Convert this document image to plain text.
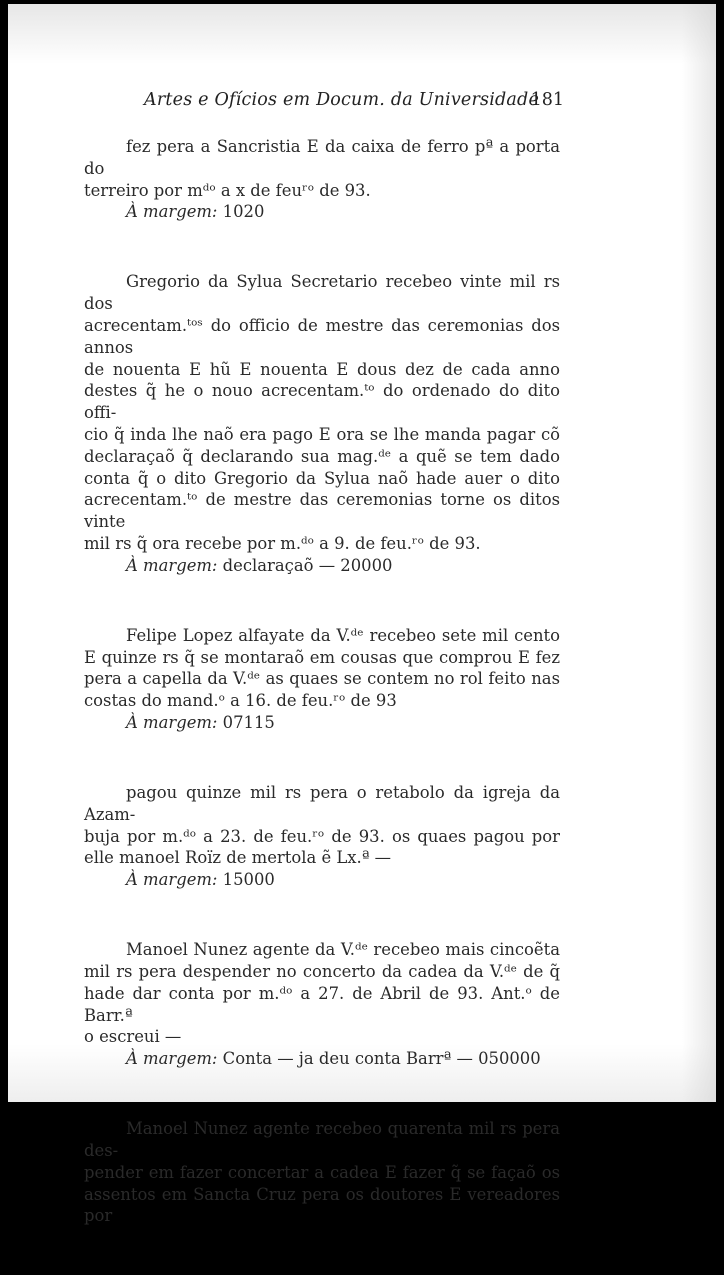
Artes e Ofícios em Docum. da Universidade
181

fez pera a Sancristia E da caixa de ferro pª a porta do

terreiro por mᵈᵒ a x de feuʳᵒ de 93.

À margem: 1020

Gregorio da Sylua Secretario recebeo vinte mil rs dos

acrecentam.ᵗᵒˢ do officio de mestre das ceremonias dos annos

de nouenta E hũ E nouenta E dous dez de cada anno

destes q̃ he o nouo acrecentam.ᵗᵒ do ordenado do dito offi-

cio q̃ inda lhe naõ era pago E ora se lhe manda pagar cõ

declaraçaõ q̃ declarando sua mag.ᵈᵉ a quẽ se tem dado

conta q̃ o dito Gregorio da Sylua naõ hade auer o dito

acrecentam.ᵗᵒ de mestre das ceremonias torne os ditos vinte

mil rs q̃ ora recebe por m.ᵈᵒ a 9. de feu.ʳᵒ de 93.

À margem: declaraçaõ — 20000

Felipe Lopez alfayate da V.ᵈᵉ recebeo sete mil cento

E quinze rs q̃ se montaraõ em cousas que comprou E fez

pera a capella da V.ᵈᵉ as quaes se contem no rol feito nas

costas do mand.ᵒ a 16. de feu.ʳᵒ de 93

À margem: 07115

pagou quinze mil rs pera o retabolo da igreja da Azam-

buja por m.ᵈᵒ a 23. de feu.ʳᵒ de 93. os quaes pagou por

elle manoel Roïz de mertola ẽ Lx.ª —

À margem: 15000

Manoel Nunez agente da V.ᵈᵉ recebeo mais cincoẽta

mil rs pera despender no concerto da cadea da V.ᵈᵉ de q̃

hade dar conta por m.ᵈᵒ a 27. de Abril de 93. Ant.ᵒ de Barr.ª

o escreui —

À margem: Conta — ja deu conta Barrª — 050000

Manoel Nunez agente recebeo quarenta mil rs pera des-

pender em fazer concertar a cadea E fazer q̃ se façaõ os

assentos em Sancta Cruz pera os doutores E vereadores por
